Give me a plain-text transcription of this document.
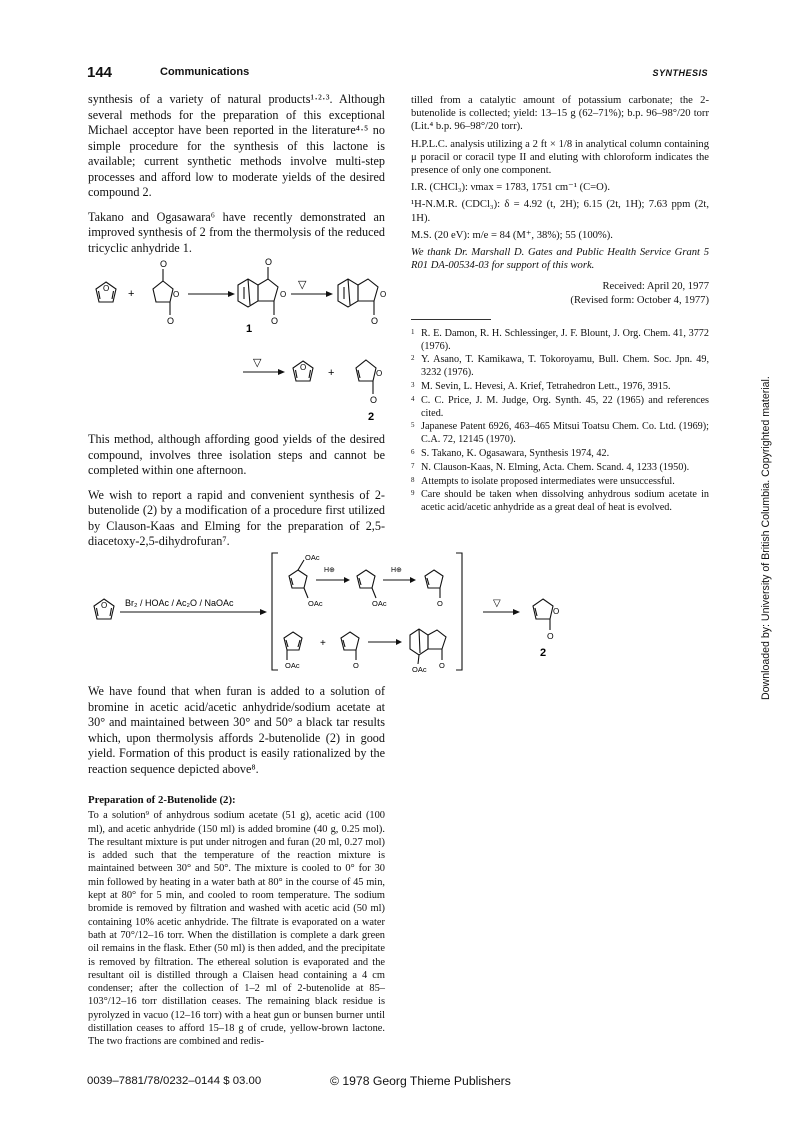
144	Communications	SYNTHESIS

synthesis of a variety of natural products¹·²·³. Although several methods for the preparation of this exceptional Michael acceptor have been reported in the literature⁴·⁵ no simple procedure for the synthesis of this lactone is available; current synthetic methods involve multi-step processes and afford low to moderate yields of the desired compound 2.

Takano and Ogasawara⁶ have recently demonstrated an improved synthesis of 2 from the thermolysis of the reduced tricyclic anhydride 1.

O +
O
O
O
O
O
O
1
▽
O
O
▽	O +	O
O
2

This method, although affording good yields of the desired compound, involves three isolation steps and cannot be completed within one afternoon.

We wish to report a rapid and convenient synthesis of 2-butenolide (2) by a modification of a procedure first utilized by Clauson-Kaas and Elming for the preparation of 2,5-diacetoxy-2,5-dihydrofuran⁷.

O Br₂ / HOAc / Ac₂O / NaOAc
OAc
OAc
H⊕
OAc
H⊕
O
OAc
+
O	OAc O
▽
O
O
2

We have found that when furan is added to a solution of bromine in acetic acid/acetic anhydride/sodium acetate at 30° and maintained between 30° and 50° a black tar results which, upon thermolysis affords 2-butenolide (2) in good yield. Formation of this product is easily rationalized by the reaction sequence depicted above⁸.

Preparation of 2-Butenolide (2):
To a solution⁹ of anhydrous sodium acetate (51 g), acetic acid (100 ml), and acetic anhydride (150 ml) is added bromine (40 g, 0.25 mol). The resultant mixture is put under nitrogen and furan (20 ml, 0.27 mol) is added such that the temperature of the reaction mixture is maintained between 30° and 50°. The mixture is cooled to 0° for 30 min followed by heating in a water bath at 80° in the course of 45 min, kept at 80° for 5 min, and cooled to room temperature. The sodium bromide is removed by filtration and washed with acetic acid (50 ml) containing 10% acetic anhydride. The filtrate is evaporated on a water bath at 70°/12–16 torr. When the distillation is complete a dark green oil remains in the flask. Ether (50 ml) is then added, and the precipitate is removed by filtration. The ethereal solution is evaporated and the resultant oil is distilled through a Claisen head containing a 4 cm condenser; after the collection of 1–2 ml of 2-butenolide at 85–103°/12–16 torr distillation ceases. The remaining black residue is pyrolyzed in vacuo (12–16 torr) with a heat gun or bunsen burner until distillation ceases to afford 15–18 g of crude, yellow-brown lactone. The two fractions are combined and redis-

tilled from a catalytic amount of potassium carbonate; the 2-butenolide is collected; yield: 13–15 g (62–71%); b.p. 96–98°/20 torr (Lit.⁴ b.p. 96–98°/20 torr).

H.P.L.C. analysis utilizing a 2 ft × 1/8 in analytical column containing μ poracil or coracil type II and eluting with chloroform indicates the presence of only one component.

I.R. (CHCl₃): νmax = 1783, 1751 cm⁻¹ (C=O).

¹H-N.M.R. (CDCl₃): δ = 4.92 (t, 2H); 6.15 (2t, 1H); 7.63 ppm (2t, 1H).

M.S. (20 eV): m/e = 84 (M⁺, 38%); 55 (100%).

We thank Dr. Marshall D. Gates and Public Health Service Grant 5 R01 DA-00534-03 for support of this work.

Received: April 20, 1977
(Revised form: October 4, 1977)
1 R. E. Damon, R. H. Schlessinger, J. F. Blount, J. Org. Chem. 41, 3772 (1976).
2 Y. Asano, T. Kamikawa, T. Tokoroyamu, Bull. Chem. Soc. Jpn. 49, 3232 (1976).
3 M. Sevin, L. Hevesi, A. Krief, Tetrahedron Lett., 1976, 3915.
4 C. C. Price, J. M. Judge, Org. Synth. 45, 22 (1965) and references cited.
5 Japanese Patent 6926, 463–465 Mitsui Toatsu Chem. Co. Ltd. (1969); C.A. 72, 12145 (1970).
6 S. Takano, K. Ogasawara, Synthesis 1974, 42.
7 N. Clauson-Kaas, N. Elming, Acta. Chem. Scand. 4, 1233 (1950).
8 Attempts to isolate proposed intermediates were unsuccessful.
9 Care should be taken when dissolving anhydrous sodium acetate in acetic acid/acetic anhydride as a great deal of heat is evolved.
0039–7881/78/0232–0144 $ 03.00	© 1978 Georg Thieme Publishers
Downloaded by: University of British Columbia. Copyrighted material.
